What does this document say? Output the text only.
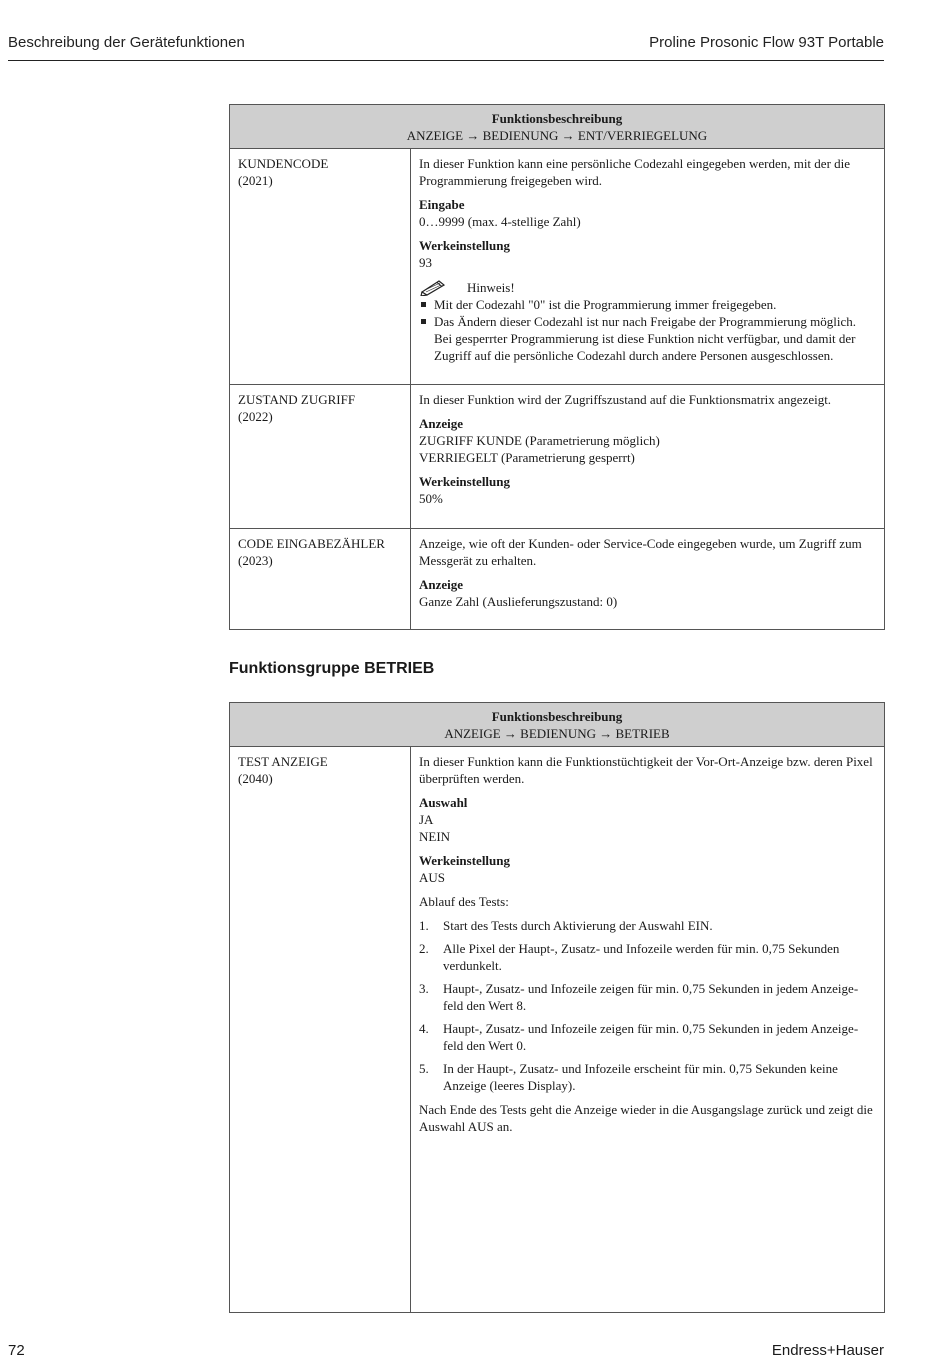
Beschreibung der Gerätefunktionen	Proline Prosonic Flow 93T Portable
Funktionsbeschreibung
ANZEIGE → BEDIENUNG → ENT/VERRIEGELUNG
KUNDENCODE
(2021)

In dieser Funktion kann eine persönliche Codezahl eingegeben werden, mit der die Programmierung freigegeben wird.

Eingabe
0…9999 (max. 4-stellige Zahl)
Werkeinstellung
93
Hinweis!
Mit der Codezahl "0" ist die Programmierung immer freigegeben.
Das Ändern dieser Codezahl ist nur nach Freigabe der Programmierung möglich. Bei gesperrter Programmierung ist diese Funktion nicht verfügbar, und damit der Zugriff auf die persönliche Codezahl durch andere Personen ausgeschlossen.
ZUSTAND ZUGRIFF
(2022)

In dieser Funktion wird der Zugriffszustand auf die Funktionsmatrix angezeigt.

Anzeige
ZUGRIFF KUNDE (Parametrierung möglich)
VERRIEGELT (Parametrierung gesperrt)
Werkeinstellung
50%
CODE EINGABEZÄHLER
(2023)

Anzeige, wie oft der Kunden- oder Service-Code eingegeben wurde, um Zugriff zum Messgerät zu erhalten.

Anzeige
Ganze Zahl (Auslieferungszustand: 0)
Funktionsgruppe BETRIEB
Funktionsbeschreibung
ANZEIGE → BEDIENUNG → BETRIEB
TEST ANZEIGE
(2040)

In dieser Funktion kann die Funktionstüchtigkeit der Vor-Ort-Anzeige bzw. deren Pixel überprüften werden.

Auswahl
JA
NEIN
Werkeinstellung
AUS

Ablauf des Tests:

1.	Start des Tests durch Aktivierung der Auswahl EIN.
2.	Alle Pixel der Haupt-, Zusatz- und Infozeile werden für min. 0,75 Sekunden verdunkelt.
3.	Haupt-, Zusatz- und Infozeile zeigen für min. 0,75 Sekunden in jedem Anzeige-feld den Wert 8.
4.	Haupt-, Zusatz- und Infozeile zeigen für min. 0,75 Sekunden in jedem Anzeige-feld den Wert 0.
5.	In der Haupt-, Zusatz- und Infozeile erscheint für min. 0,75 Sekunden keine Anzeige (leeres Display).

Nach Ende des Tests geht die Anzeige wieder in die Ausgangslage zurück und zeigt die Auswahl AUS an.

72	Endress+Hauser
